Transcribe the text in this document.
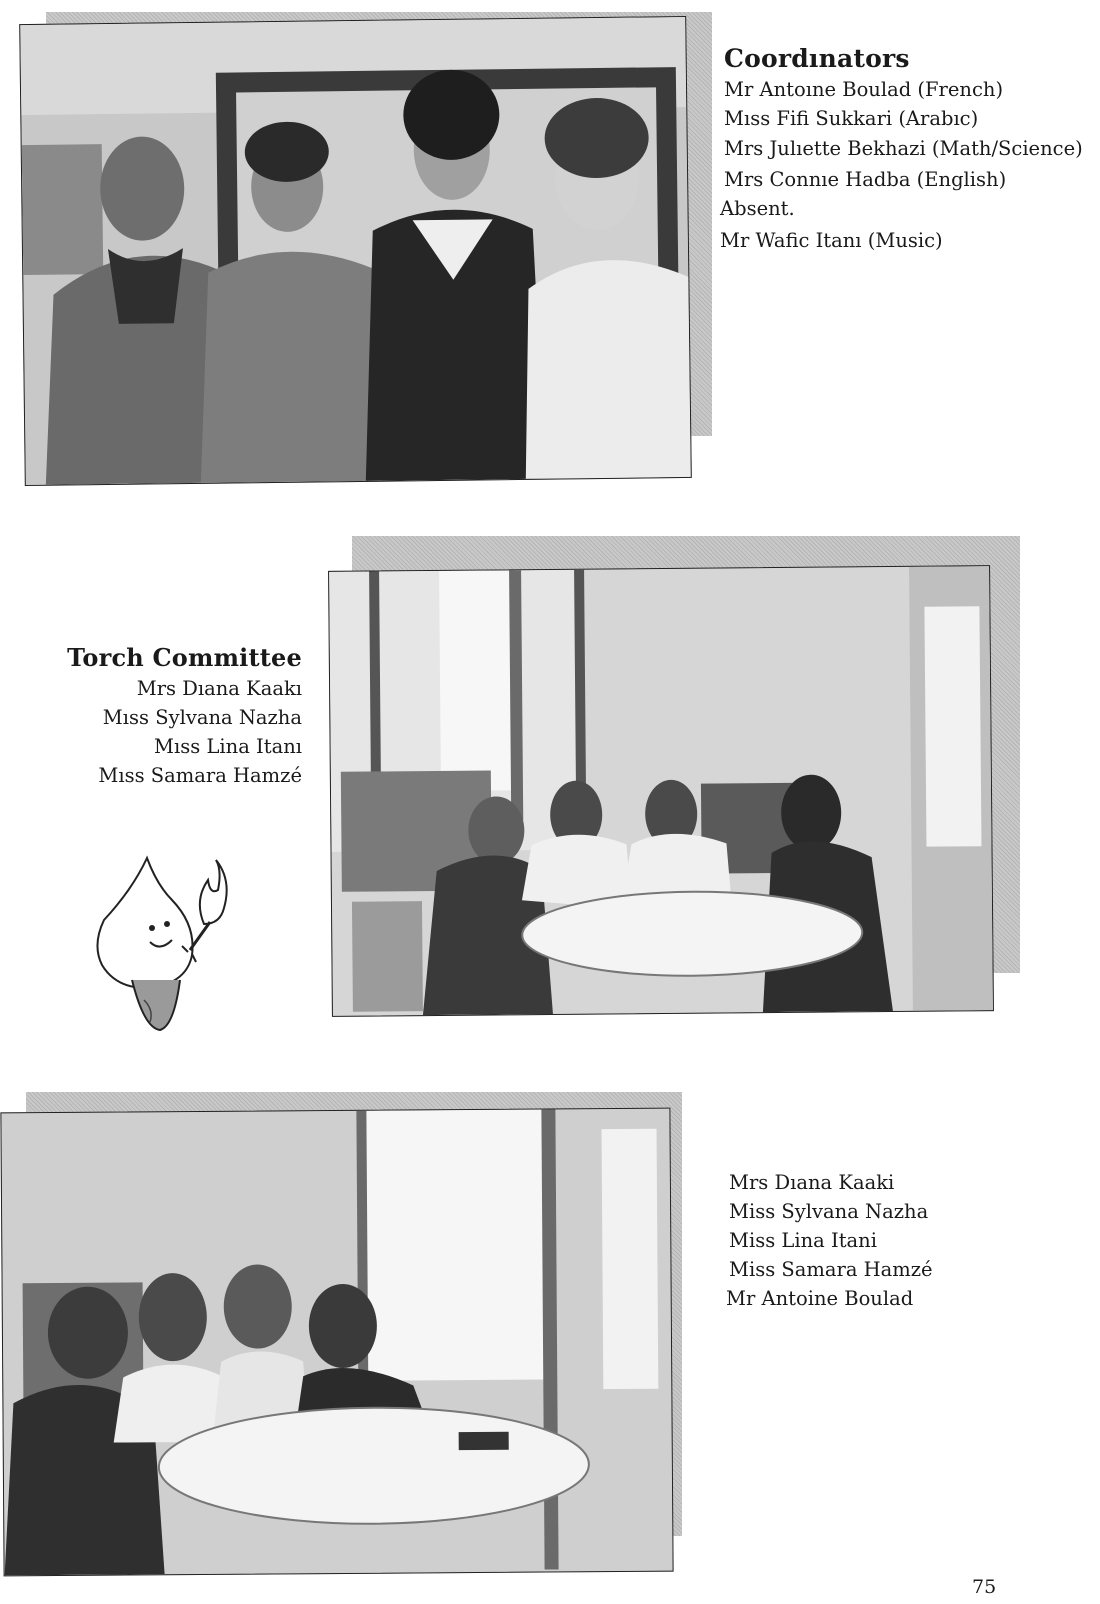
Coordınators
Mr Antoıne Boulad (French)
Mıss Fifi Sukkari (Arabıc)
Mrs Julıette Bekhazi (Math/Science)
Mrs Connıe Hadba (English)
Absent.
Mr Wafic Itanı (Music)
Torch Committee
Mrs Dıana Kaakı
Mıss Sylvana Nazha
Mıss Lina Itanı
Mıss Samara Hamzé
Mrs Dıana Kaaki
Miss Sylvana Nazha
Miss Lina Itani
Miss Samara Hamzé
Mr Antoine Boulad
75
